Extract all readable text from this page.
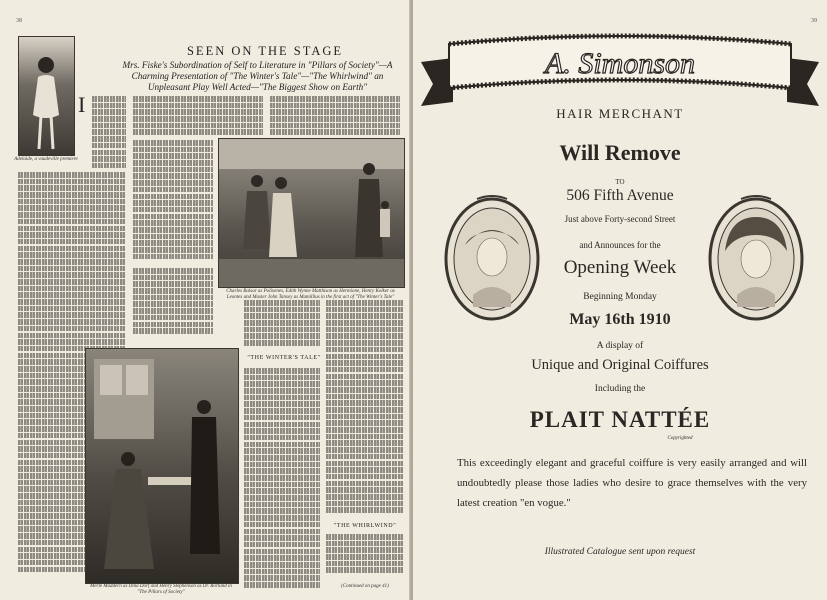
38
SEEN ON THE STAGE
Mrs. Fiske's Subordination of Self to Literature in "Pillars of Society"—A Charming Presentation of "The Winter's Tale"—"The Whirlwind" an Unpleasant Play Well Acted—"The Biggest Show on Earth"
Adelaide, a vaudeville premiere
I
Charles Balsar as Polixenes, Edith Wynne Matthison as Hermione, Henry Kolker as Leontes and Master John Tansey as Mamillius in the first act of "The Winter's Tale"
Merle Maddern as Dina Dorf and Henry Stephenson as Dr. Rorlund in "The Pillars of Society"
"THE WINTER'S TALE"
"THE WHIRLWIND"
(Continued on page 41)
39
A. Simonson
HAIR MERCHANT
Will Remove
TO
506 Fifth Avenue
Just above Forty-second Street
and Announces for the
Opening Week
Beginning Monday
May 16th 1910
A display of
Unique and Original Coiffures
Including the
PLAIT NATTÉE
Copyrighted
This exceedingly elegant and graceful coiffure is very easily arranged and will undoubtedly please those ladies who desire to grace themselves with the very latest creation "en vogue."
Illustrated Catalogue sent upon request
